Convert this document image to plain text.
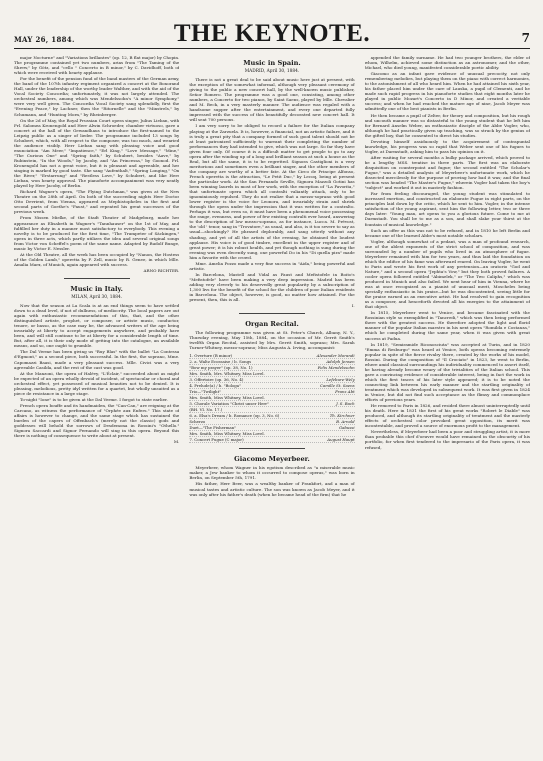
MAY 26, 1884.	THE KEYNOTE.	7

major Nocturne" and "Variations brillantes" (op. 12, B flat major) by Chopin. The programme contained yet two numbers, arias from "The Taming of the Shrew," by Götz, and "cello " Concerto in B minor," by C. Davidhoff, both of which were received with hearty applause.

For the benefit of the pension fund of the band masters of the German army, the band of the 107th infantry regiment organized a concert at the Bonorand Hall, under the leadership of the worthy leader Walther, and with the aid of the Vocal Society Concordia; unfortunately, it was not largely attended. The orchestral numbers, among which was Mendelssohn's "A minor Symphony," were very well given. The Concordia Vocal Society sang splendidly, first the "Evening Peace," by Lachner, then the "Ritornelle" and the "Minstrels," by Schumann, and "Hunting Morn," by Rheinberger.

On the 2d of May, the Royal Prussian Court opera singer, Julius Lieban, with Frl. Salomea Kronengold and Herr Alwin Schroeder, chamber virtuoso, gave a concert at the hall of the Gewandhaus to introduce the first-named to the Leipzig public as a singer of lieder. The programme included 13 songs by Schubert, which, with all respect to the composer, was too much, and wearied the audience visibly. Herr Lieban sang with pleasing voice and good enunciation "Am Meer," "Impatience," "Erl King," "Love Message," "Mine," "The Curious One" and "Spring faith," by Schubert, besides "Aave," by Rubinstein, "In the Woods," by Jacoby, and "An Princessa," by Goonod. Frl. Kronengold has not a great voice, but it is pleasant and agreeable, and her singing is marked by good taste. She sang "Aufenthalt," "Spring Longing," "On the River," "Erstarrung" and "Restless Love," by Schubert, and like Herr Lieban, won hearty approval. The pianoforte accompaniment was very neatly played by Herr Jacoby, of Berlin.

Richard Wagner's opera, "The Flying Dutchman," was given at the New Theatre on the 28th of April. On both of the succeeding nights Herr Doctor Otto Devrient, from Vienna, appeared as Mephistopheles in the first and second parts of Goethe's "Faust," and repeated his great successes of the previous week.

From Nissen Mielke, of the Stadt Theater of Madgeburg, made her appearance as Elisabeth in Wagner's "Tannhauser" on the 1st of May, and fulfilled her duty in a manner most satisfactory to everybody. This evening a novelty is to be produced for the first time, "The Trumpeter of Säckingen," opera in three acts, which partly utilizes the idea and several original songs from Victor von Scheffel's poem of the same name. Adapted by Rudolf Bunge, music by Victor E. Nessler.

At the Old Theatre, all the week has been occupied by "Nanon, the Hostess of the Golden Lamb," operetta by F. Zell, music by R. Genee, in which Mlle. Amalia Marx, of Munich, again appeared with success.

ARNO RICHTER.

Music in Italy.
MILAN, April 30, 1884.

Now that the season at La Scala is at an end things seem to have settled down to a dead level, if not of dullness, of mediocrity. The local papers are out again with enthusiastic recommendations of this, that, and the other distinguished artiste, prophet, or composer, or artiste music, conductor, tenore, or basso, as the case may be, the advanced writers of the age being invariably at liberty to accept engagements anywhere, and probably have been, and will still continue to be at liberty for a considerable length of time. But, after all, it is their only mode of getting into the catalogue, an available means, and so, one ought to grumble.

The Dal Verme has been giving us "Ruy Blas" with the ballet "La Contessa d'Egmont," as a second piece, both successful. In the first, the soprano, Mme. Capomazzi Baasi, made a very pleasant success. Mlle. Civici was a very agreeable Casilda, and the rest of the cast was good.

At the Manzoni, the opera of Halévy, "L'Éclair," succeeded about as might be expected of an opera wholly devoid of incident, of spectacular or choral and orchestral effect, yet possessed of musical beauties not to be denied. It is pleasing, melodious, pretty idyl written for a quartet, but wholly unsuited as a piece de resistance in a large stage.

To-night "Ione" is to be given at the Dal Verme. I forgot to state earlier.

French opera bouffe and its handmaiden, the "Can-Can," are reigning at the Carcano, as witness the performance of "Orphée aux Enfers." This state of affairs is however to change, and the same stage which has sustained the burden of the capers of Offenbach's (merely not the classic) gods and goddesses will behold the sorrows of Desdemona in Rossini's "Othello." Signora Saccardi and Signor Fernando will sing in this opera. Beyond this there is nothing of consequence to write about at present.

M.

Music in Spain.
MADRID, April 30, 1884.

There is not a great deal to be said about music here just at present, with the exception of the somewhat informal, although very pleasant ceremony of giving to the public a new concert hall, by the well-known music publisher, Señor Romero. The programme was a good one, consisting, among other numbers, a Concerto for two pianos, by Saint Saens, played by Mlle. Chevalier and M. Beck, in a very masterly manner. The audience was regaled with a handsome supper after the entertainment, and every one departed fully impressed with the success of this beautifully decorated new concert hall. It will seat 700 persons.

I am very sorry to be obliged to record a failure for the Italian company playing at the Zarzuela. It is, however, a financial, not an artistic failure, and it is truly a great pity that a company formed of such good talent should not be at least patronized sufficiently to warrant their completing the number of performances they had intended to give, which was not large. So far they have given four only. Of course it is a difficult matter to get people to go to any opera after the winding up of a long and brilliant season at such a house as the Real, but all the same, it is to be regretted. Signora Castiglioni is a very meritorious and sometimes even a brilliant singer, and the other members of the company are worthy of a better fate. At the Circo de Principe Alfonso, French operetta is the attraction, "Le Petit Duc," by Lecoq, being at present the particular work. At the San Fernando Seville, Signora Mazzoli Gotini has been winning laurels in most of her work, with the exception of "La Favorita," that unfortunate opera which all contralti valiantly attack, only to be ignominiously repulsed. They do not realize that a mezzo-soprano with good lower register is the voice for Leonora, and invariably strain and shriek through the opera under the impression that it was written for a contralto. Perhaps it was, but even so, it must have been a phenomenal voice possessing the range, evenness, and power of few existing contralti ever heard, answering to the description of low mezzo-soprano, as for instance, Lucca. M. Prévost, the 'old ' tenor, sang in "Trovatore," as usual, and also, is it too severe to say as usual—shockingly? He phrased deplorably, and sang utterly without any shading, and yet of all the artists of the evening, he obtained the loudest applause. His voice is of good timbre, excellent in the upper register and of great power; it is his robust health, and yet though nothing is sung during the evening was even decently sung, one powerful Do in his "Di quella pira" made him a favorite with the crowd.

Mme. Amelia Pozzo made a very fine success in "Aida," being powerful and artistic.

In Barcelona, Mastell and Vidal as Faust and Mefistofele in Boito's "Mefistofele" have been making a very deep impression. Madrid has been adding very cleverly to his deservedly great popularity by a subscription of 1,300 livs for the benefit of the school for the children of poor Italian residents in Barcelona. The object, however, is good, no matter how attained. For the present, then, this is all.

I.

Organ Recital.

The following programme was given at St. Peter's Church, Albany, N. Y., Thursday evening, May 15th, 1884, on the occasion of Mr. Gerrit Smith's twelfth Organ Recital, assisted by Mrs. Gerrit Smith, soprano; Mrs. Sarah Turner-Whitney, mezzo-soprano; Miss Augusta A. Irving, accompanist:

1. Overture (B minor)	Alexander Morandi
2. a. Waltz Ecossaise / b. Songs	Adolph Jensen
"Bow my prayer" (op. 38, No. 1)	Felix Mendelssohn
Mrs. Smith, Mrs. Whitney, Miss Lovel.
3. Offertoire (op. 36, No. 4)	Lefebure-Wely
4. Prelude(a) / b. "Bologa"	Camille St. Saens
Trio—"Twilight"	Franz Abt
Mrs. Smith, Miss Whitney, Miss Lovel.
5. Chorale Variation "Christ unser Herr"	J. S. Bach
(BH. VI. No. 17.)
6. a. Elsa's Dream / b. Romance (op. 3, No. 6)	Th. Kirchner
Scherzo	B. Arnold
Duet—"The Fisherman"	Gabussi
Mrs. Smith, Miss Whitney, Miss Lovel.
7. Concert Fugue (C major)	August Haupt
Giacomo Meyerbeer.

Meyerbeer, whom Wagner in his egotism described as "a miserable music maker, a Jew banker to whom it occurred to compose operas," was born in Berlin, on September 5th, 1791.

His father, Herr Beer, was a wealthy banker of Frankfort, and a man of musical tastes and artistic culture. The son was known as Jacob Meyer, and it was only after his father's death (when he became head of the firm) that he

appended the family surname. He had two younger brothers, the elder of whom, Wilhelm, achieved some distinction as an astronomer, and the other, Michael, who died young, manifested considerable poetic ability.

Giacomo as an infant gave evidence of unusual precocity, not only remembering melodies, but playing them on the piano with correct harmonies, to the astonishment of all who heard him. When he had attained his sixth year, his father placed him under the care of Lauska, a pupil of Clementi, and he made such rapid progress in his pianoforte studies that eight months later he played in public Mozart's Concerto in D Minor, and created a veritable success; and when he had reached the mature age of nine, Jacob Meyer was admittedly one of the best pianists in Berlin.

He then became a pupil of Zelter, for theory and composition, but his rough and uncouth manner was so distasteful to the young student that he left him for Bernard Anselm Weber, an enthusiastic disciple of the Abbe Vogler, who, although he had practically given up teaching, was so struck by the genius of the gifted boy, that he consented to direct his studies.

Devoting himself assiduously to the acquirement of contrapuntal knowledge, his progress was so rapid that Weber sent one of his fugues to Vogler, at Darmstadt, asking him to pass his opinion on it.

After waiting for several months a bulky package arrived, which proved to be a lengthy MSS. treatise in three parts. The first was an elaborate disquisition on counterpoint and fugue; the second entitled "The Scholar's Fugue," was a detailed analysis of Meyerbeer's unfortunate work, which he dissected mercilessly for the purpose of proving how bad it was; and the final section was headed "The Master's Fugue," wherein Vogler had taken the boy's "subject" and worked it out in masterly fashion.

Far from feeling discouraged, the young student was stimulated to increased exertion, and constructed an elaborate Fugue in eight parts, on the principles laid down by the critic, which he sent to him. Vogler, in the intense satisfaction of the young aspirant, sent him the following letter, two or three days later: "Young man, art opens to you a glorious future. Come to me at Darmstadt. You shall be to me as a son, and shall slake your thirst at the fountain of musical knowledge."

Such an offer as this was not to be refused, and in 1810 he left Berlin and became one of the learned Abbe's most notable scholars.

Vogler, although somewhat of a pedant, was a man of profound research, one of the ablest exponents of the strict school of composition, and was surrounded by a number of pupils who lived in an atmosphere of fugue. Meyerbeer remained with him for two years, and thus laid the foundation on which the edifice of his fame was afterward reared. On leaving Vogler, he went to Paris and wrote his first work of any pretension—an oratorio "God and Nature," and a second opera "Jephta's Vow," but they both proved failures. A cooler opera followed entitled "Abimelek," or "The Two Caliphs," which was produced in Munich and also failed. We next hear of him in Vienna, where he was at once recognized as a pianist of unusual merit, Moscheles being specially enthusiastic in his praise—but he was discontented, seeing little for the praise earned as an executive artist. He had resolved to gain recognition as a composer, and henceforth devoted all his energies to the attainment of that object.

In 1815, Meyerbeer went to Venice, and became fascinated with the Rossinian style so exemplified in "Tancredi," which was then being performed there with the greatest success. He therefore adopted the light and florid manner of the popular Italian maestro in his next opera "Romilda e Costanza," which he completed during the same year, when it was given with great success at Padua.

In 1819, "Semiramide Riconosciuta" was accepted at Turin, and in 1820 "Emma di Resburgo" was heard at Venice, both operas becoming extremely popular in spite of the fierce rivalry there, created by the works of his model, Rossini. During the composition of "Il Crociato" in 1823, he went to Berlin, where amid classical surroundings his individuality commenced to assert itself, he having already become weary of the trivialities of the Italian school. This gave a convincing evidence of considerable interest, being in fact the work in which the first traces of his later style appeared; it is to be noted the connecting link between his early manner and the startling originality of treatment which was developed in subsequent work. It was first given in 1824 in Venice, but did not find such acceptance as the flimsy and commonplace efforts of previous years.

He removed to Paris in 1826, and resided there almost uninterruptedly until his death. Here in 1831 the first of his great works "Robert le Diable" was produced, and although its startling originality of treatment and the masterly effects of orchestral color provoked great opposition, its merit was incontestable, and proved a source of enormous profit to the management.

Nevertheless, if Meyerbeer had been a poor and struggling artist, it is more than probable this chef d'oeuvre would have remained in the obscurity of his portfolio, for when first tendered to the impresario of the Paris opera, it was refused,
